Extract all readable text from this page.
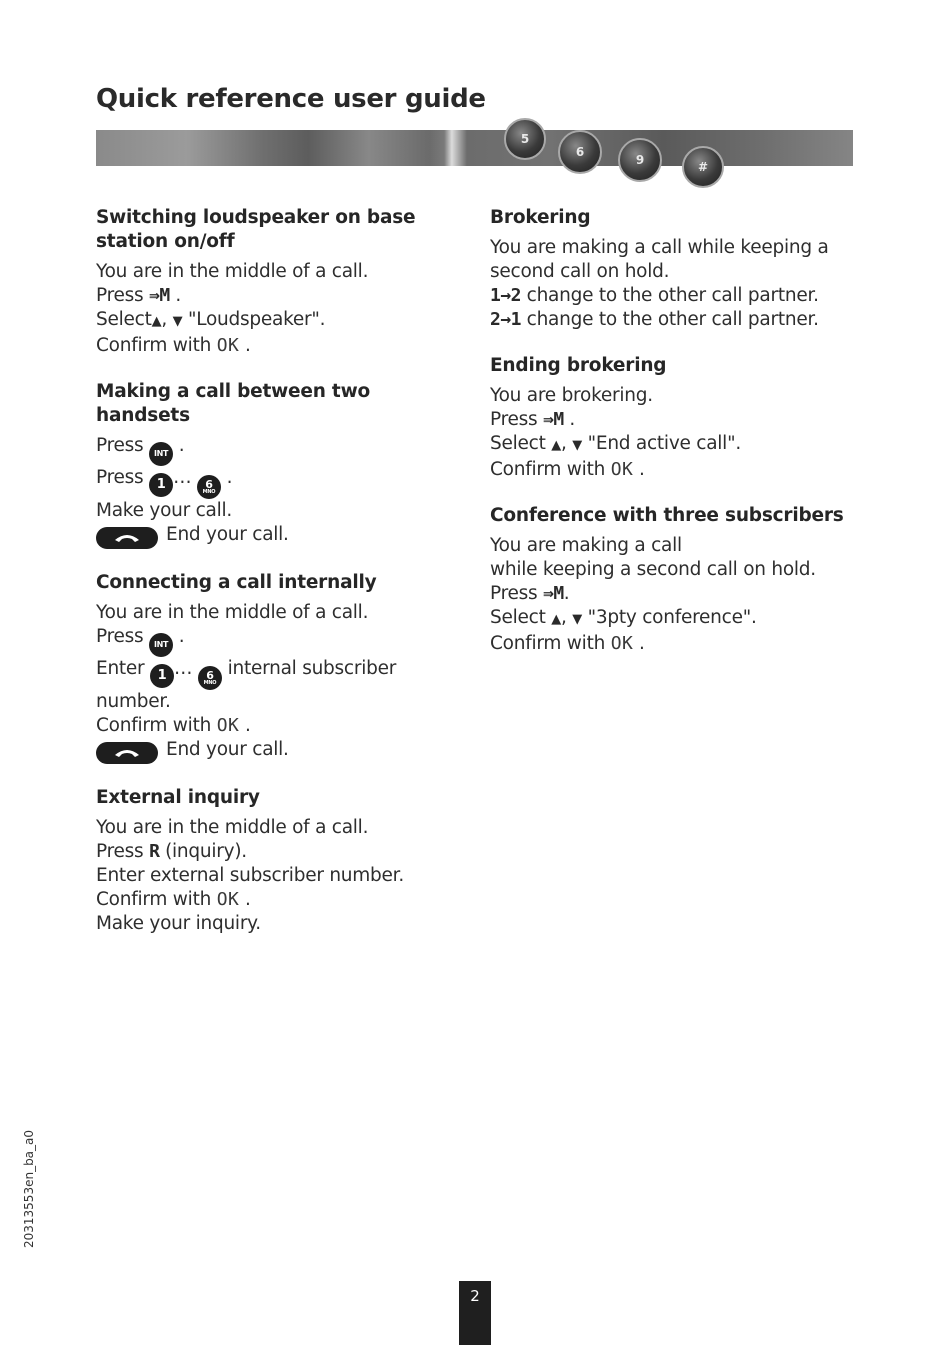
Quick reference user guide
5
6
9	#
Switching loudspeaker on base
station on/off
You are in the middle of a call.
Press ⇛M .
Select▲, ▼ "Loudspeaker".
Confirm with OK .
Making a call between two handsets
Press INT .
Press 1 … 6
MNO
.
Make your call.
End your call.
Connecting a call internally
You are in the middle of a call.
Press INT .
Enter 1 … 6
MNO
internal subscriber
number.
Confirm with OK .
End your call.
External inquiry
You are in the middle of a call.
Press R (inquiry).
Enter external subscriber number.
Confirm with OK .
Make your inquiry.
Brokering
You are making a call while keeping a
second call on hold.
1→2 change to the other call partner.
2→1 change to the other call partner.
Ending brokering
You are brokering.
Press ⇛M .
Select ▲, ▼ "End active call".
Confirm with OK .
Conference with three subscribers
You are making a call
while keeping a second call on hold.
Press ⇛M.
Select ▲, ▼ "3pty conference".
Confirm with OK .
20313553en_ba_a0
2
